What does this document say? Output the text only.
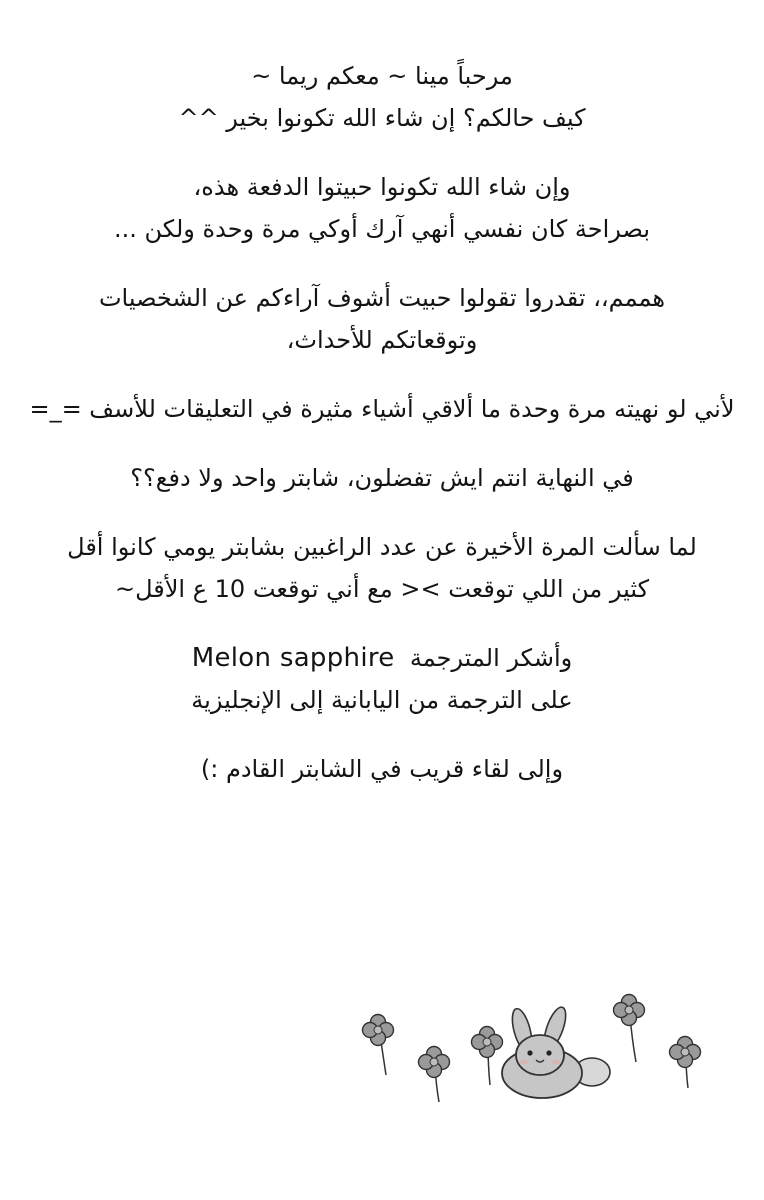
مرحباً مينا ~ معكم ريما ~
كيف حالكم؟ إن شاء الله تكونوا بخير ^^
وإن شاء الله تكونوا حبيتوا الدفعة هذه،
بصراحة كان نفسي أنهي آرك أوكي مرة وحدة ولكن ...
هممم،، تقدروا تقولوا حبيت أشوف آراءكم عن الشخصيات
وتوقعاتكم للأحداث،
لأني لو نهيته مرة وحدة ما ألاقي أشياء مثيرة في التعليقات للأسف =_=
في النهاية انتم ايش تفضلون، شابتر واحد ولا دفع؟؟
لما سألت المرة الأخيرة عن عدد الراغبين بشابتر يومي كانوا أقل
كثير من اللي توقعت >< مع أني توقعت 10 ع الأقل~
وأشكر المترجمة  Melon sapphire
على الترجمة من اليابانية إلى الإنجليزية
وإلى لقاء قريب في الشابتر القادم :)
